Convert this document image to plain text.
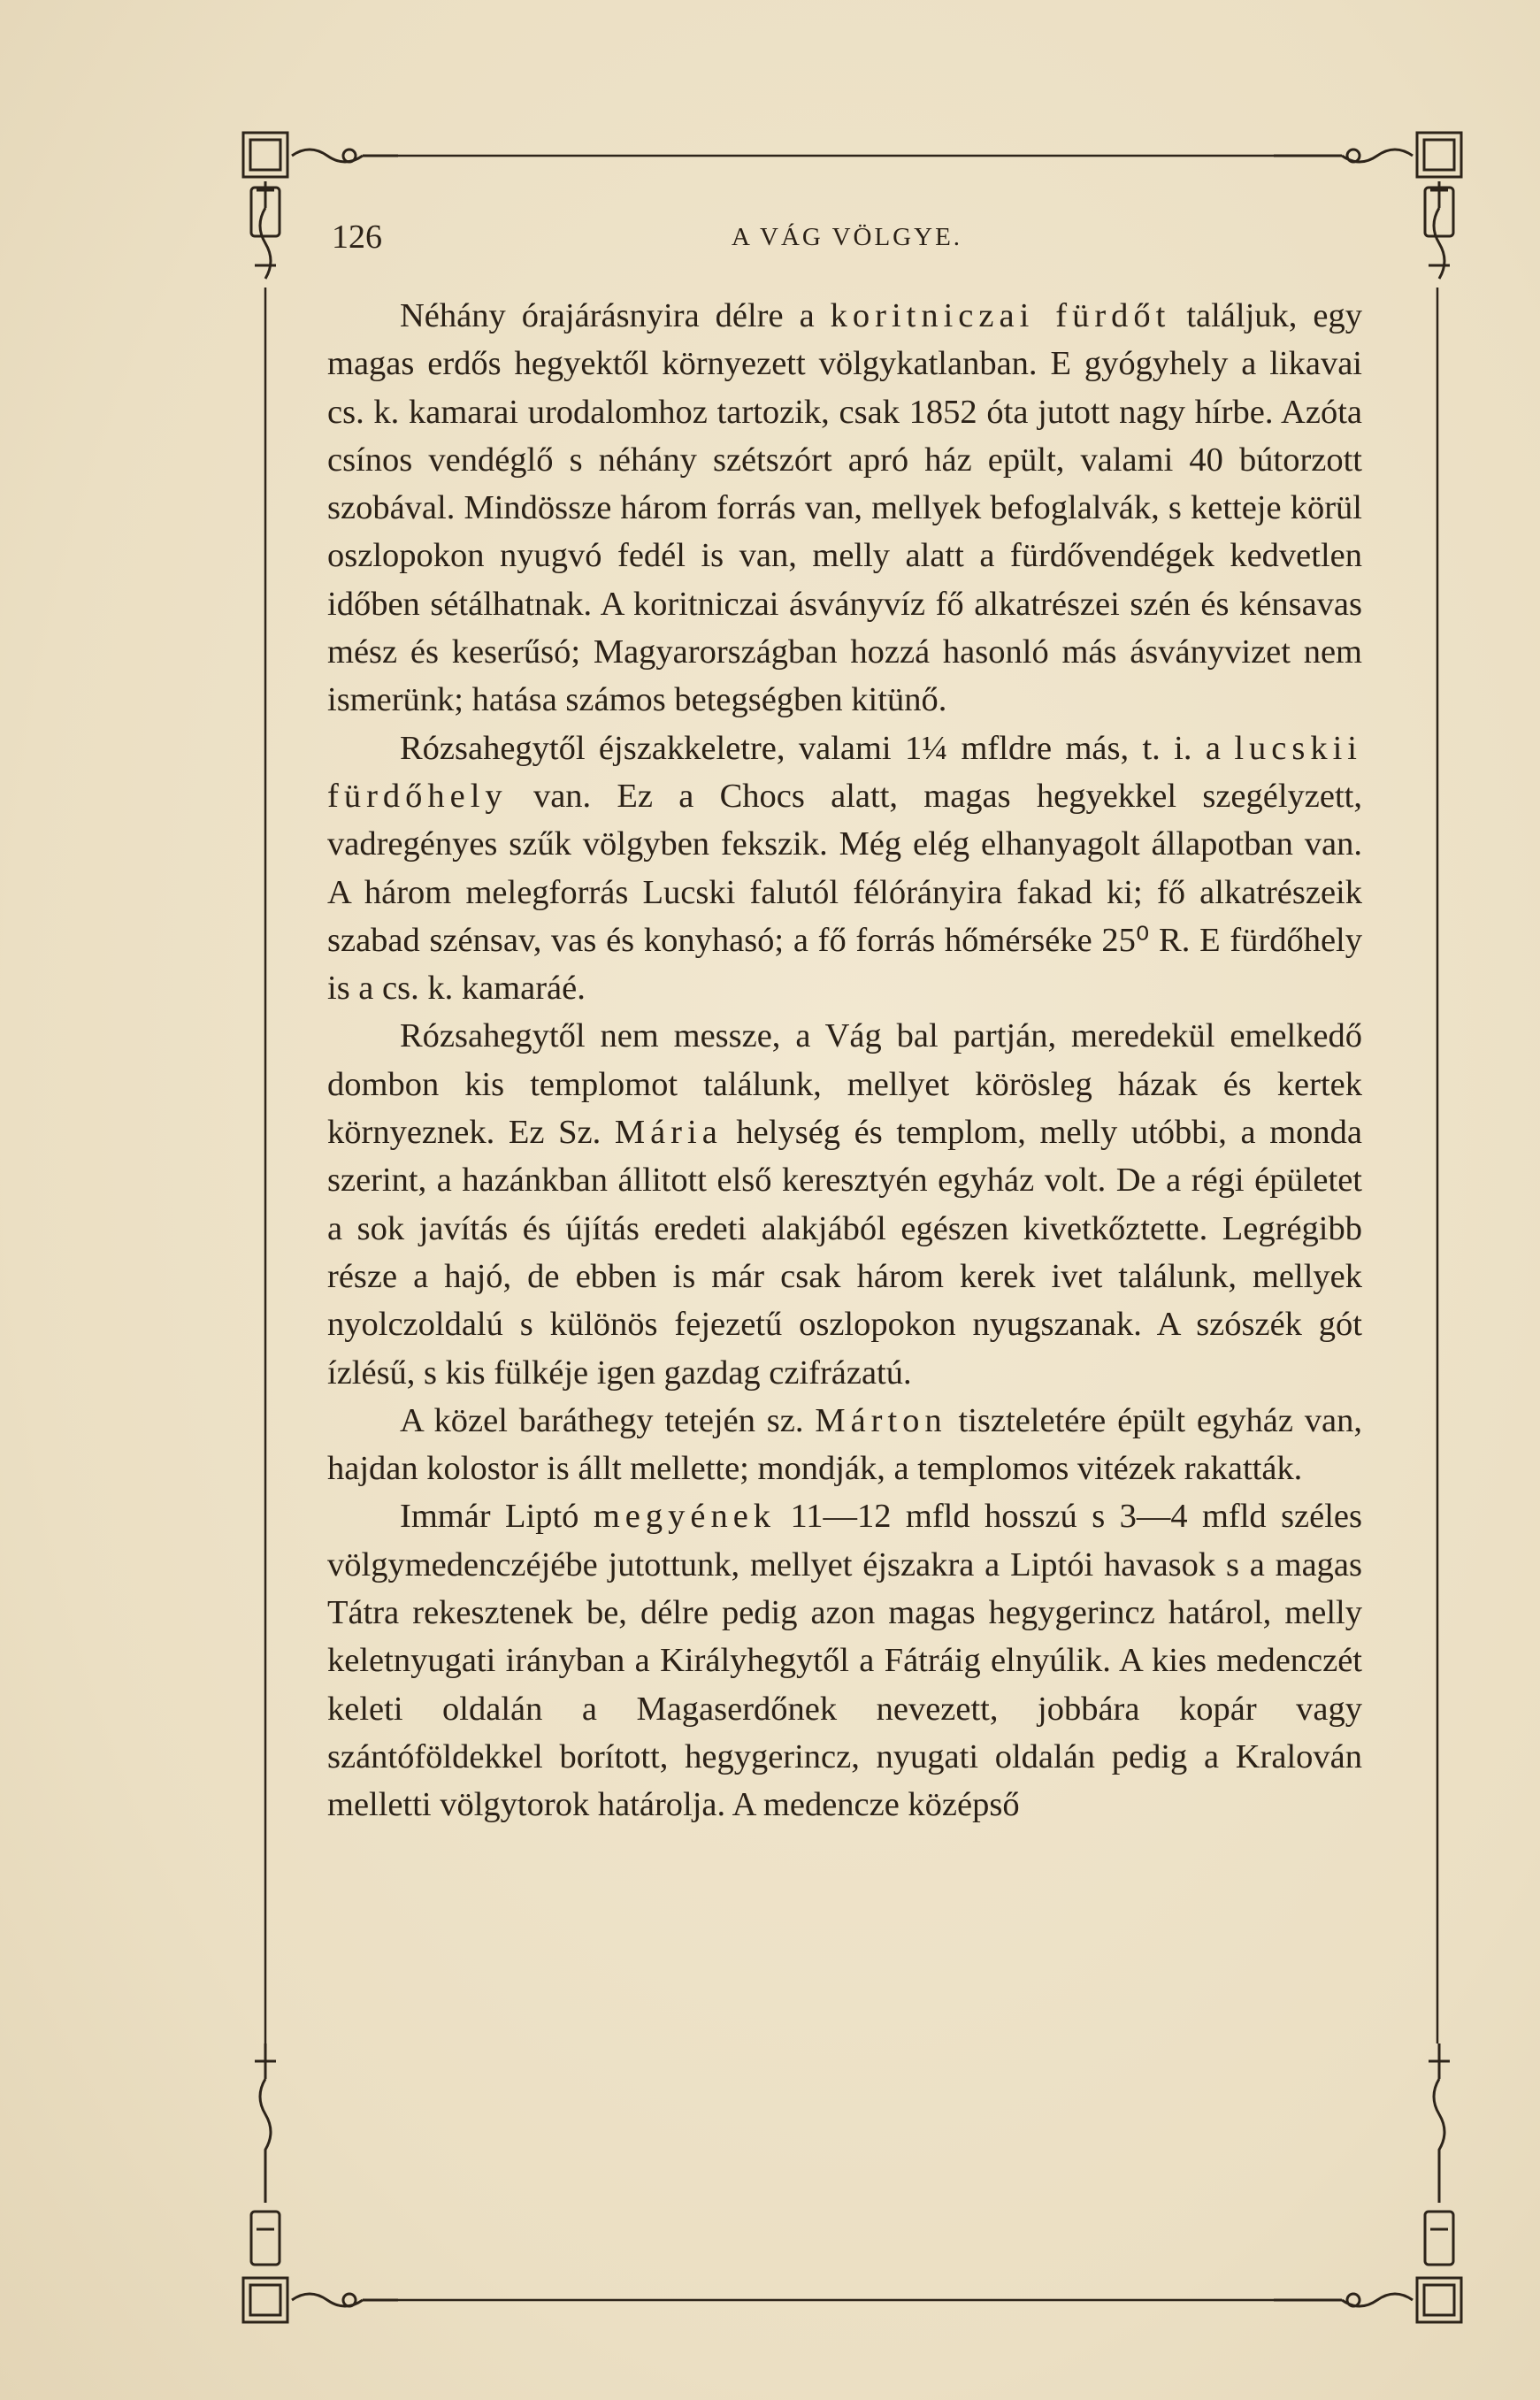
126	A VÁG VÖLGYE.

Néhány órajárásnyira délre a koritniczai fürdőt találjuk, egy magas erdős hegyektől környezett völgykatlanban. E gyógyhely a likavai cs. k. kamarai urodalomhoz tartozik, csak 1852 óta jutott nagy hírbe. Azóta csínos vendéglő s néhány szétszórt apró ház epült, valami 40 bútorzott szobával. Mindössze három forrás van, mellyek befoglalvák, s ketteje körül oszlopokon nyugvó fedél is van, melly alatt a fürdővendégek kedvetlen időben sétálhatnak. A koritniczai ásványvíz fő alkatrészei szén és kénsavas mész és keserűsó; Magyarországban hozzá hasonló más ásványvizet nem ismerünk; hatása számos betegségben kitünő.

Rózsahegytől éjszakkeletre, valami 1¼ mfldre más, t. i. a lucskii fürdőhely van. Ez a Chocs alatt, magas hegyekkel szegélyzett, vadregényes szűk völgyben fekszik. Még elég elhanyagolt állapotban van. A három melegforrás Lucski falutól félórányira fakad ki; fő alkatrészeik szabad szénsav, vas és konyhasó; a fő forrás hőmérséke 25⁰ R. E fürdőhely is a cs. k. kamaráé.

Rózsahegytől nem messze, a Vág bal partján, meredekül emelkedő dombon kis templomot találunk, mellyet körösleg házak és kertek környeznek. Ez Sz. Mária helység és templom, melly utóbbi, a monda szerint, a hazánkban állitott első keresztyén egyház volt. De a régi épületet a sok javítás és újítás eredeti alakjából egészen kivetkőztette. Legrégibb része a hajó, de ebben is már csak három kerek ivet találunk, mellyek nyolczoldalú s különös fejezetű oszlopokon nyugszanak. A szószék gót ízlésű, s kis fülkéje igen gazdag czifrázatú.

A közel baráthegy tetején sz. Márton tiszteletére épült egyház van, hajdan kolostor is állt mellette; mondják, a templomos vitézek rakatták.

Immár Liptó megyének 11—12 mfld hosszú s 3—4 mfld széles völgymedenczéjébe jutottunk, mellyet éjszakra a Liptói havasok s a magas Tátra rekesztenek be, délre pedig azon magas hegygerincz határol, melly keletnyugati irányban a Királyhegytől a Fátráig elnyúlik. A kies medenczét keleti oldalán a Magaserdőnek nevezett, jobbára kopár vagy szántóföldekkel borított, hegygerincz, nyugati oldalán pedig a Kralován melletti völgytorok határolja. A medencze középső
